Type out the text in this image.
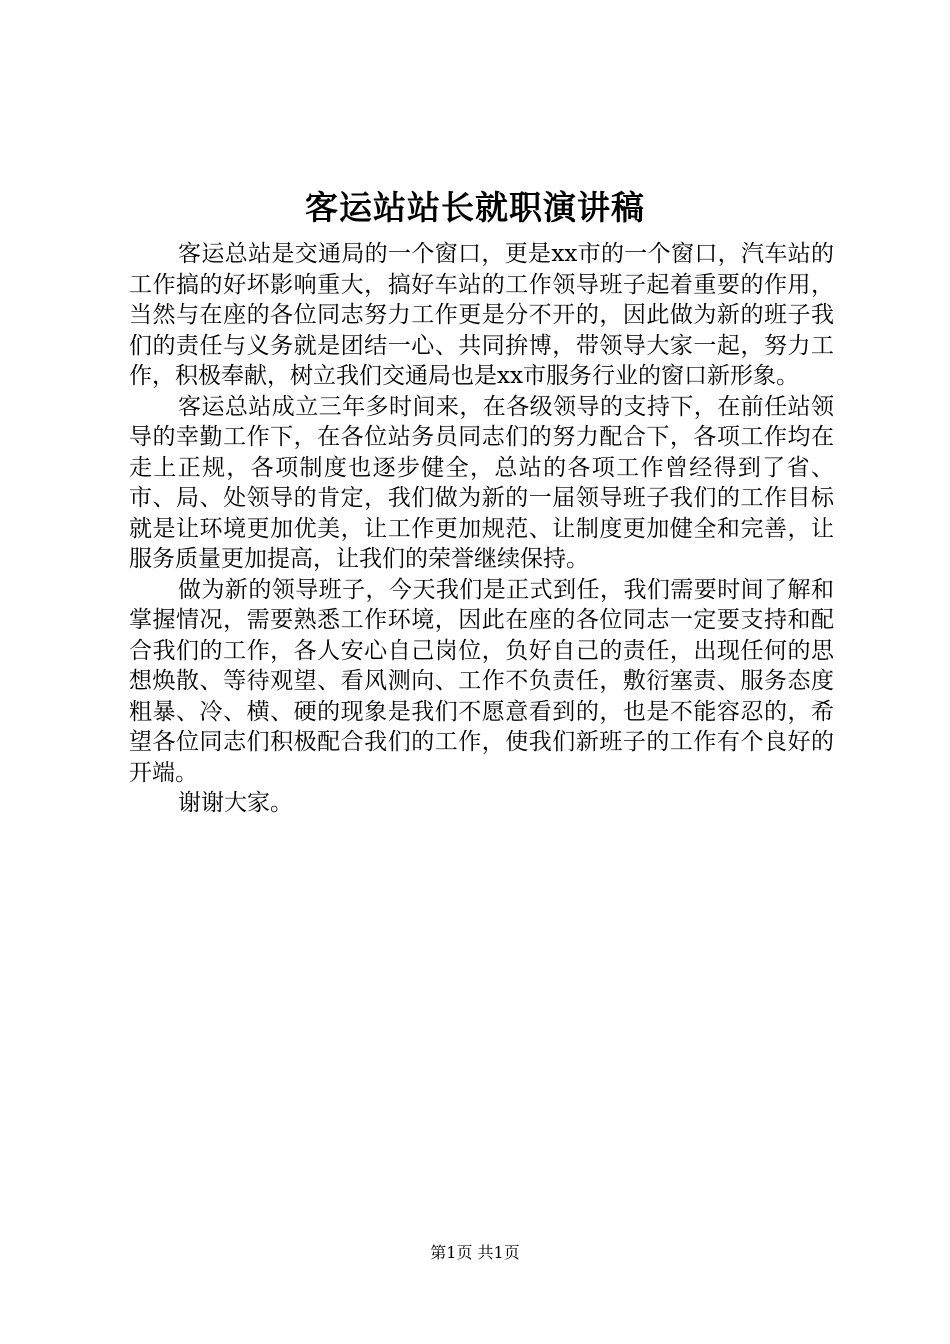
客运站站长就职演讲稿

客运总站是交通局的一个窗口，更是xx市的一个窗口，汽车站的工作搞的好坏影响重大，搞好车站的工作领导班子起着重要的作用，当然与在座的各位同志努力工作更是分不开的，因此做为新的班子我们的责任与义务就是团结一心、共同拚博，带领导大家一起，努力工作，积极奉献，树立我们交通局也是xx市服务行业的窗口新形象。

客运总站成立三年多时间来，在各级领导的支持下，在前任站领导的幸勤工作下，在各位站务员同志们的努力配合下，各项工作均在走上正规，各项制度也逐步健全，总站的各项工作曾经得到了省、市、局、处领导的肯定，我们做为新的一届领导班子我们的工作目标就是让环境更加优美，让工作更加规范、让制度更加健全和完善，让服务质量更加提高，让我们的荣誉继续保持。

做为新的领导班子，今天我们是正式到任，我们需要时间了解和掌握情况，需要熟悉工作环境，因此在座的各位同志一定要支持和配合我们的工作，各人安心自己岗位，负好自己的责任，出现任何的思想焕散、等待观望、看风测向、工作不负责任，敷衍塞责、服务态度粗暴、冷、横、硬的现象是我们不愿意看到的，也是不能容忍的，希望各位同志们积极配合我们的工作，使我们新班子的工作有个良好的开端。

谢谢大家。

第1页 共1页
